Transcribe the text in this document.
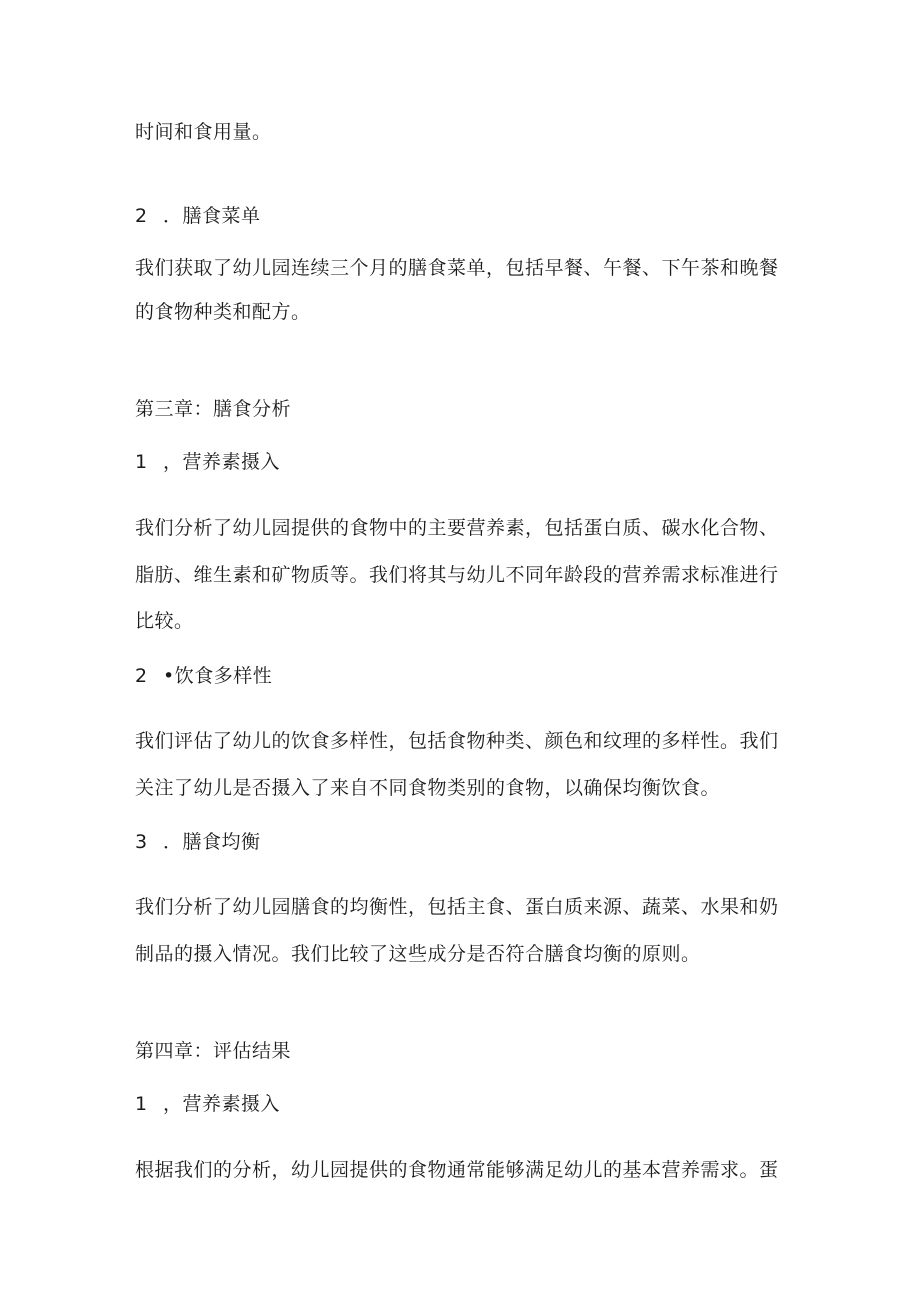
时间和食用量。
2 ．膳食菜单
我们获取了幼儿园连续三个月的膳食菜单，包括早餐、午餐、下午茶和晚餐
的食物种类和配方。
第三章：膳食分析
1 ，营养素摄入
我们分析了幼儿园提供的食物中的主要营养素，包括蛋白质、碳水化合物、
脂肪、维生素和矿物质等。我们将其与幼儿不同年龄段的营养需求标准进行
比较。
2 •饮食多样性
我们评估了幼儿的饮食多样性，包括食物种类、颜色和纹理的多样性。我们
关注了幼儿是否摄入了来自不同食物类别的食物，以确保均衡饮食。
3 ．膳食均衡
我们分析了幼儿园膳食的均衡性，包括主食、蛋白质来源、蔬菜、水果和奶
制品的摄入情况。我们比较了这些成分是否符合膳食均衡的原则。
第四章：评估结果
1 ，营养素摄入
根据我们的分析，幼儿园提供的食物通常能够满足幼儿的基本营养需求。蛋
